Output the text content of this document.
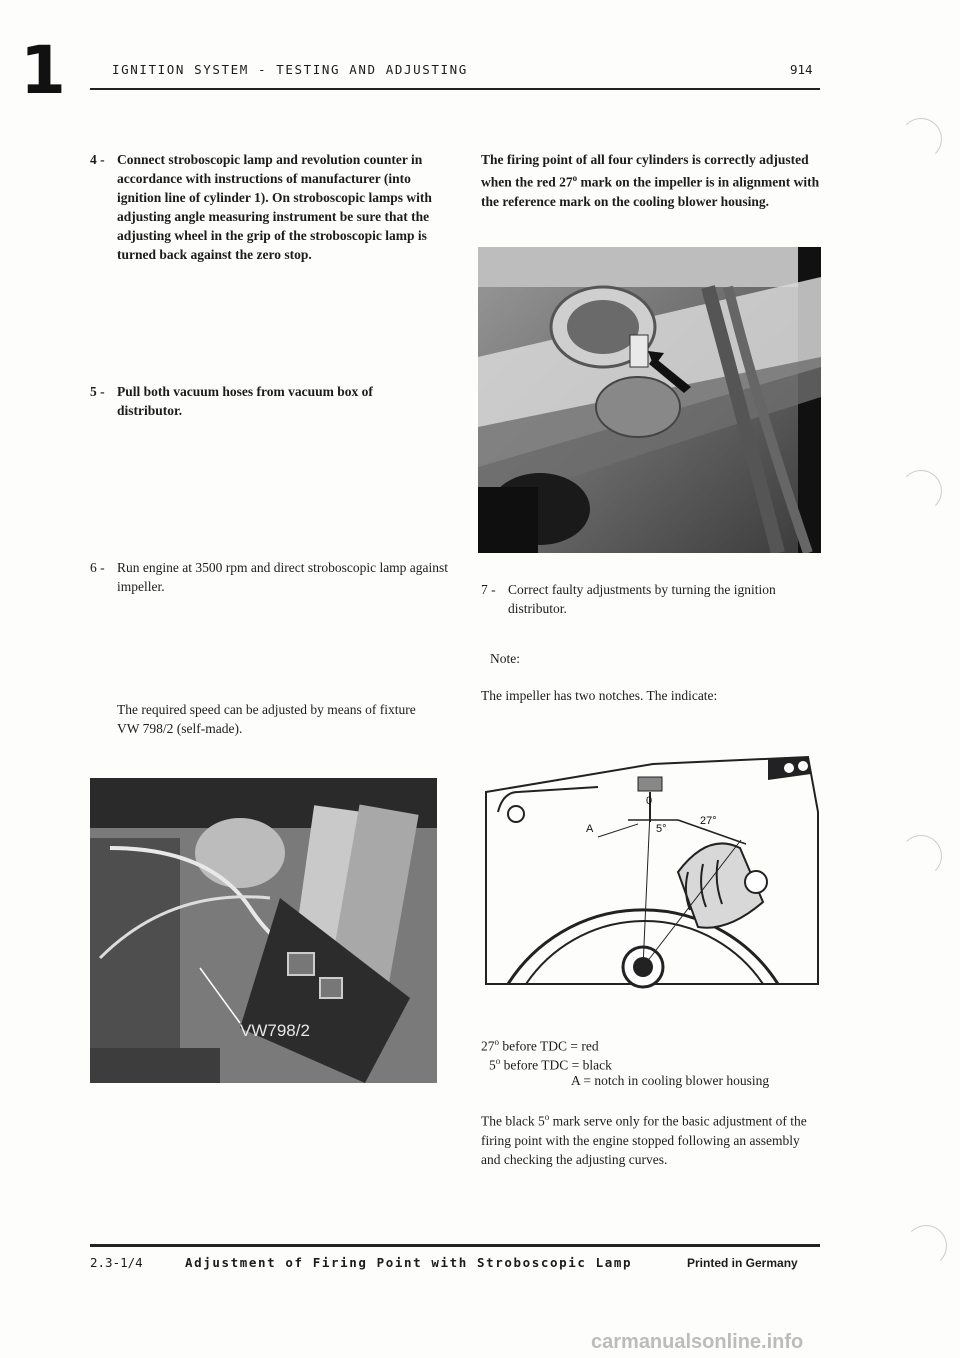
1	IGNITION SYSTEM - TESTING AND ADJUSTING	914
4 - Connect stroboscopic lamp and revolution counter in accordance with instructions of manufacturer (into ignition line of cylinder 1). On stroboscopic lamps with adjusting angle measuring instrument be sure that the adjusting wheel in the grip of the stroboscopic lamp is turned back against the zero stop.
5 - Pull both vacuum hoses from vacuum box of distributor.
6 - Run engine at 3500 rpm and direct stroboscopic lamp against impeller.
The required speed can be adjusted by means of fixture VW 798/2 (self-made).
The firing point of all four cylinders is correctly adjusted when the red 27$^o$ mark on the impeller is in alignment with the reference mark on the cooling blower housing.
7 - Correct faulty adjustments by turning the ignition distributor.
Note:
The impeller has two notches. The indicate:
VW798/2
0
A	5°
27°
27$^o$ before TDC = red
5$^o$ before TDC = black
A = notch in cooling blower housing
The black 5$^o$ mark serve only for the basic adjustment of the firing point with the engine stopped following an assembly and checking the adjusting curves.
2.3-1/4	Adjustment of Firing Point with Stroboscopic Lamp	Printed in Germany
carmanualsonline.info
